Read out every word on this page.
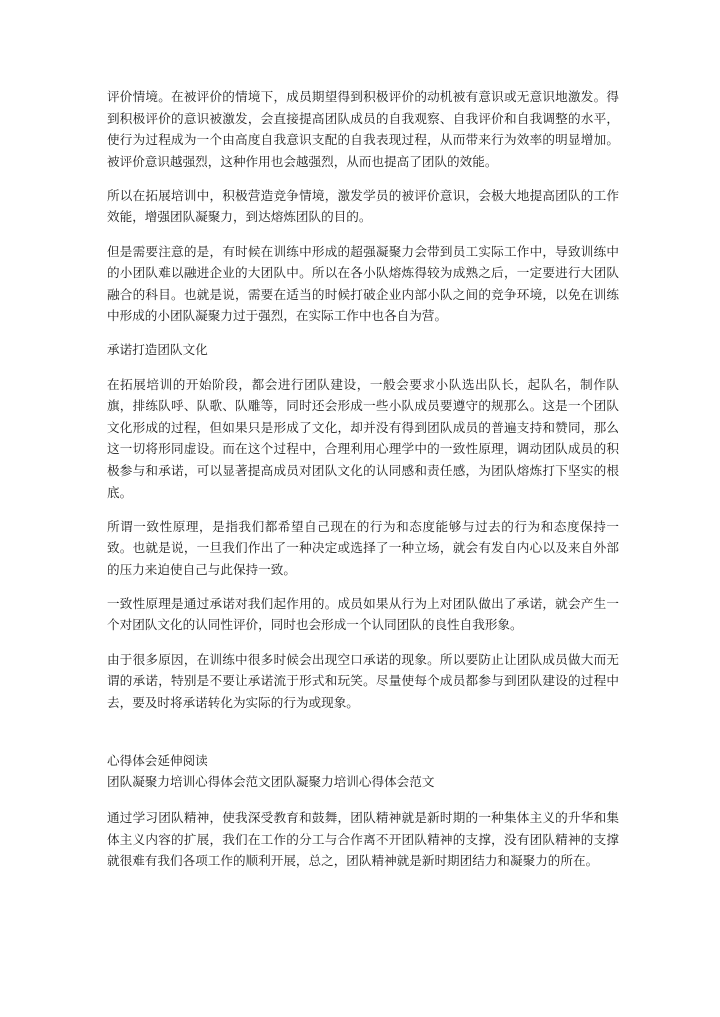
评价情境。在被评价的情境下，成员期望得到积极评价的动机被有意识或无意识地激发。得到积极评价的意识被激发，会直接提高团队成员的自我观察、自我评价和自我调整的水平，使行为过程成为一个由高度自我意识支配的自我表现过程，从而带来行为效率的明显增加。被评价意识越强烈，这种作用也会越强烈，从而也提高了团队的效能。

所以在拓展培训中，积极营造竞争情境，激发学员的被评价意识，会极大地提高团队的工作效能，增强团队凝聚力，到达熔炼团队的目的。

但是需要注意的是，有时候在训练中形成的超强凝聚力会带到员工实际工作中，导致训练中的小团队难以融进企业的大团队中。所以在各小队熔炼得较为成熟之后，一定要进行大团队融合的科目。也就是说，需要在适当的时候打破企业内部小队之间的竞争环境，以免在训练中形成的小团队凝聚力过于强烈，在实际工作中也各自为营。

承诺打造团队文化

在拓展培训的开始阶段，都会进行团队建设，一般会要求小队选出队长，起队名，制作队旗，排练队呼、队歌、队雕等，同时还会形成一些小队成员要遵守的规那么。这是一个团队文化形成的过程，但如果只是形成了文化，却并没有得到团队成员的普遍支持和赞同，那么这一切将形同虚设。而在这个过程中，合理利用心理学中的一致性原理，调动团队成员的积极参与和承诺，可以显著提高成员对团队文化的认同感和责任感，为团队熔炼打下坚实的根底。

所谓一致性原理，是指我们都希望自己现在的行为和态度能够与过去的行为和态度保持一致。也就是说，一旦我们作出了一种决定或选择了一种立场，就会有发自内心以及来自外部的压力来迫使自己与此保持一致。

一致性原理是通过承诺对我们起作用的。成员如果从行为上对团队做出了承诺，就会产生一个对团队文化的认同性评价，同时也会形成一个认同团队的良性自我形象。

由于很多原因，在训练中很多时候会出现空口承诺的现象。所以要防止让团队成员做大而无谓的承诺，特别是不要让承诺流于形式和玩笑。尽量使每个成员都参与到团队建设的过程中去，要及时将承诺转化为实际的行为或现象。

心得体会延伸阅读
团队凝聚力培训心得体会范文团队凝聚力培训心得体会范文

通过学习团队精神，使我深受教育和鼓舞，团队精神就是新时期的一种集体主义的升华和集体主义内容的扩展，我们在工作的分工与合作离不开团队精神的支撑，没有团队精神的支撑就很难有我们各项工作的顺利开展，总之，团队精神就是新时期团结力和凝聚力的所在。
